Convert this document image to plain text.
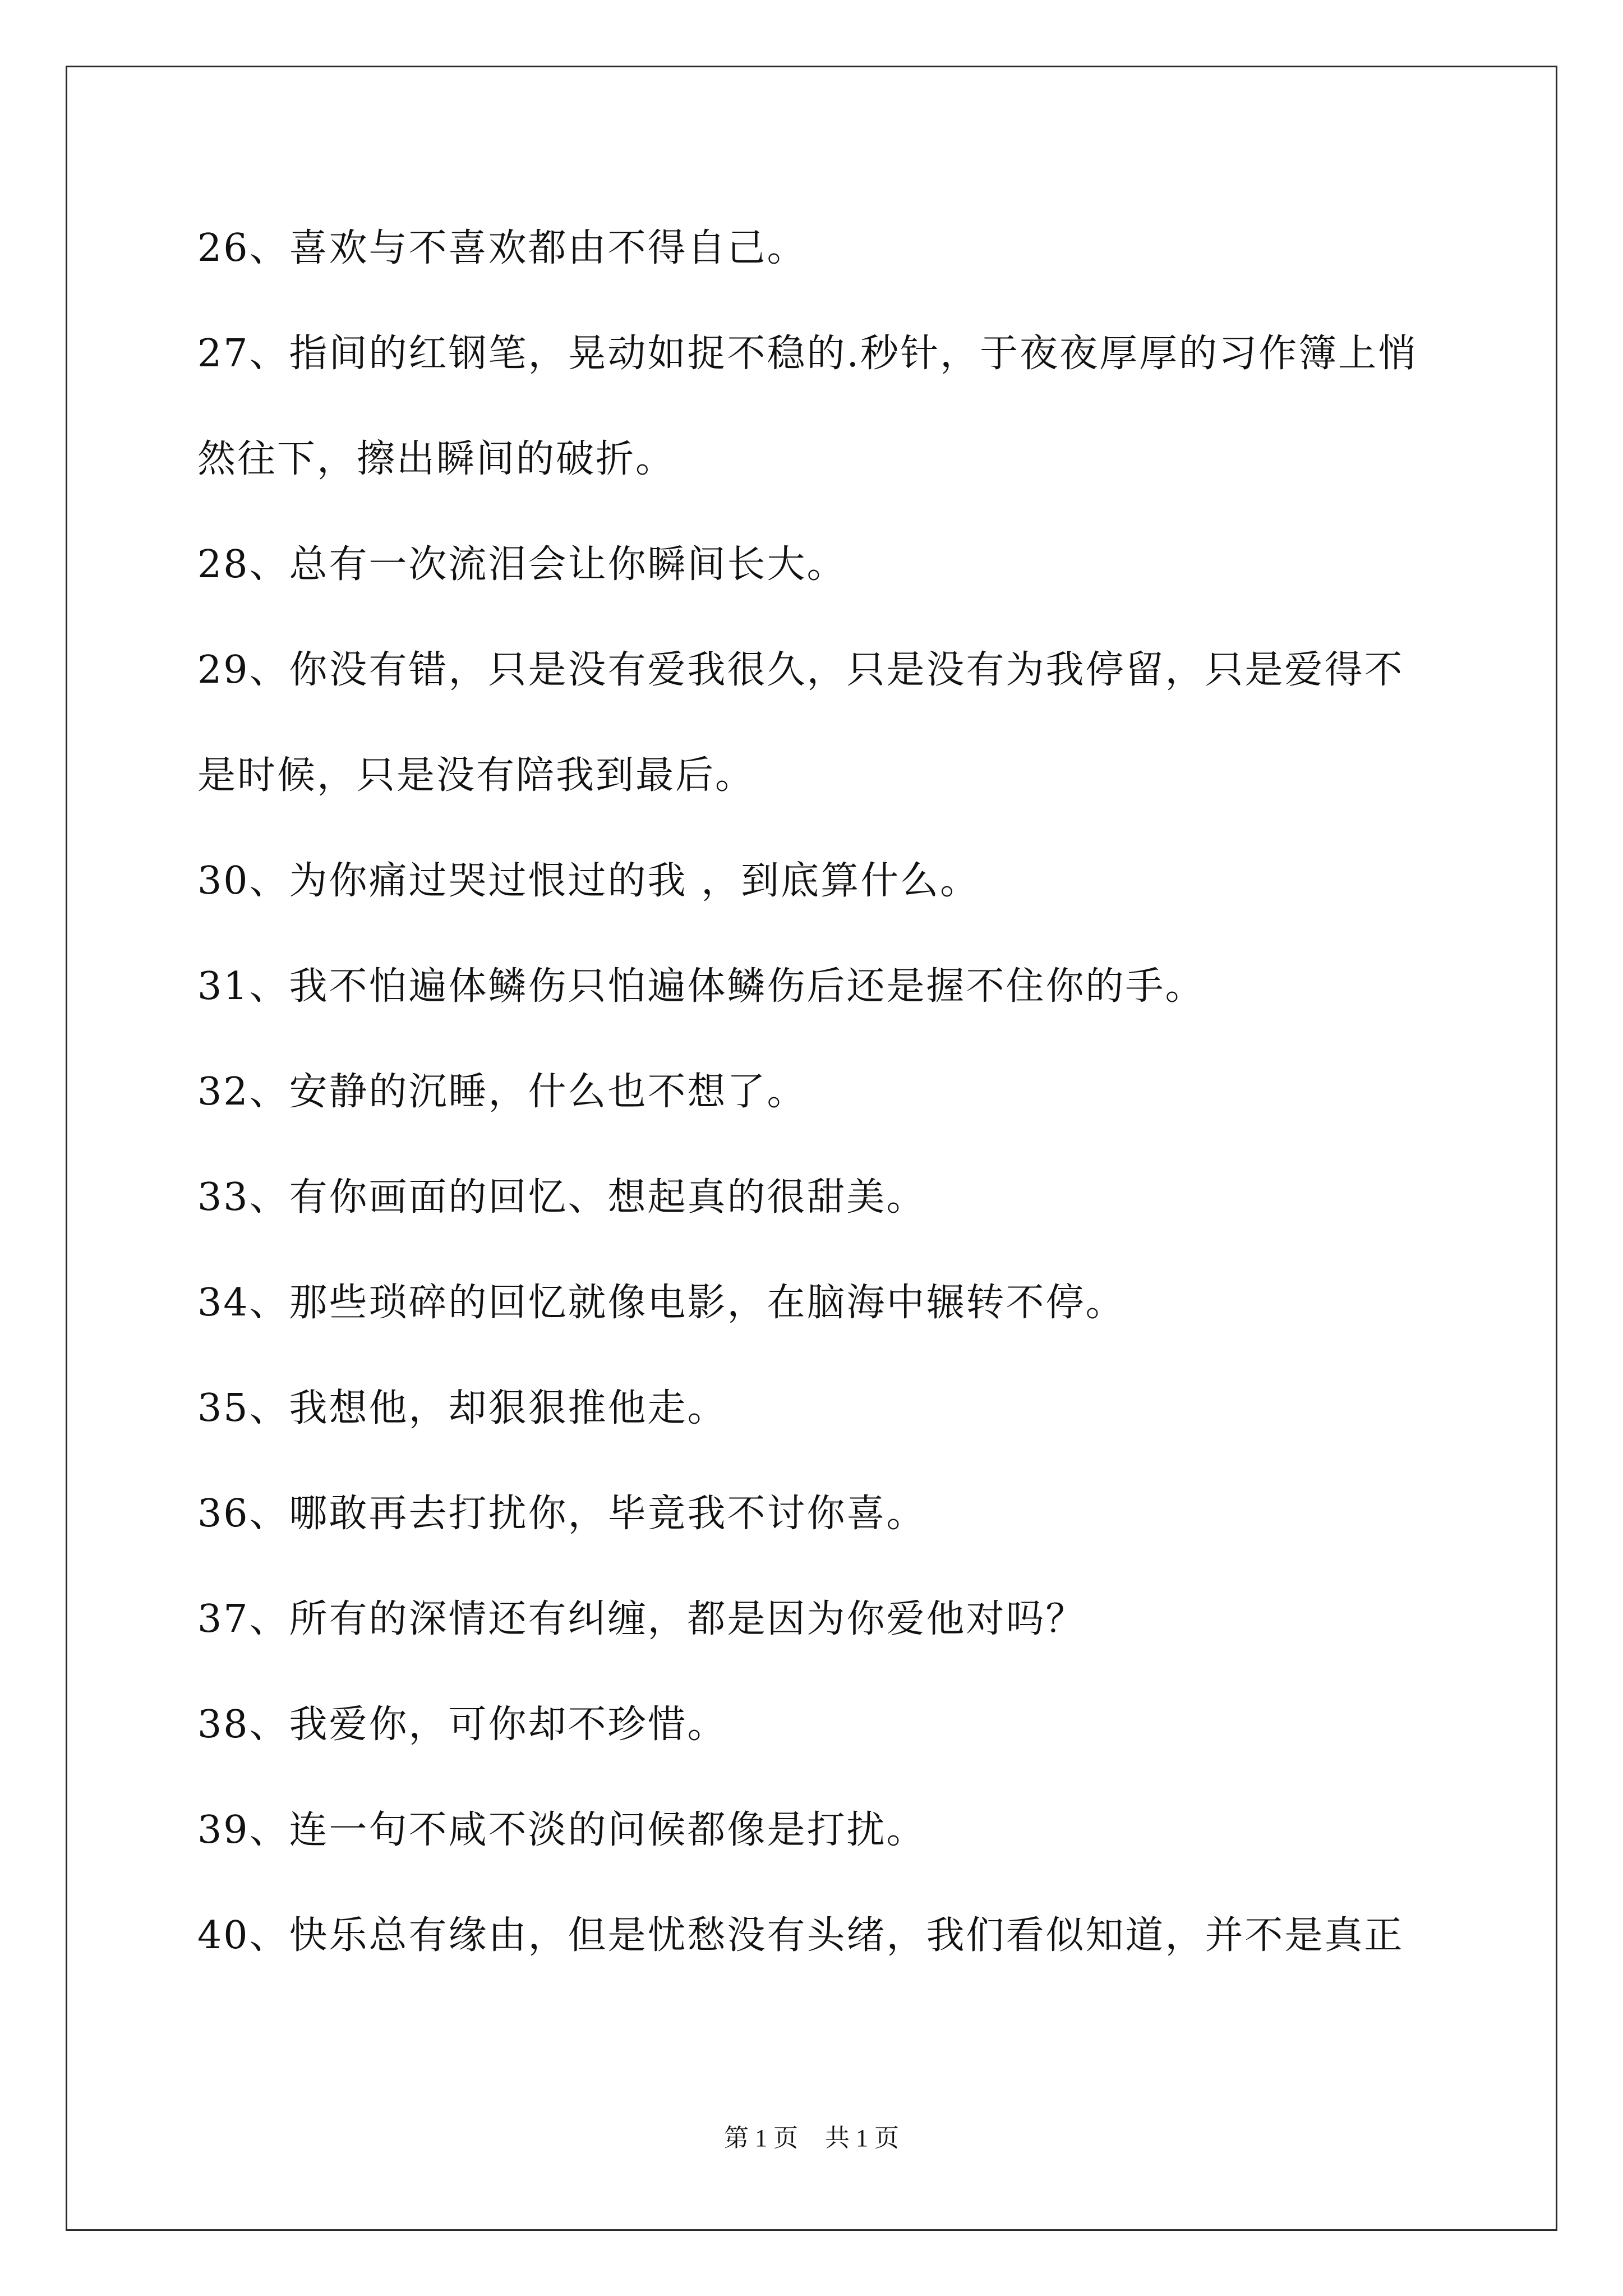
26、喜欢与不喜欢都由不得自己。

27、指间的红钢笔，晃动如捉不稳的.秒针，于夜夜厚厚的习作簿上悄
然往下，擦出瞬间的破折。

28、总有一次流泪会让你瞬间长大。

29、你没有错，只是没有爱我很久，只是没有为我停留，只是爱得不
是时候，只是没有陪我到最后。

30、为你痛过哭过恨过的我 ，到底算什么。

31、我不怕遍体鳞伤只怕遍体鳞伤后还是握不住你的手。

32、安静的沉睡，什么也不想了。

33、有你画面的回忆、想起真的很甜美。

34、那些琐碎的回忆就像电影，在脑海中辗转不停。

35、我想他，却狠狠推他走。

36、哪敢再去打扰你，毕竟我不讨你喜。

37、所有的深情还有纠缠，都是因为你爱他对吗？

38、我爱你，可你却不珍惜。

39、连一句不咸不淡的问候都像是打扰。

40、快乐总有缘由，但是忧愁没有头绪，我们看似知道，并不是真正

第 1 页 共 1 页
